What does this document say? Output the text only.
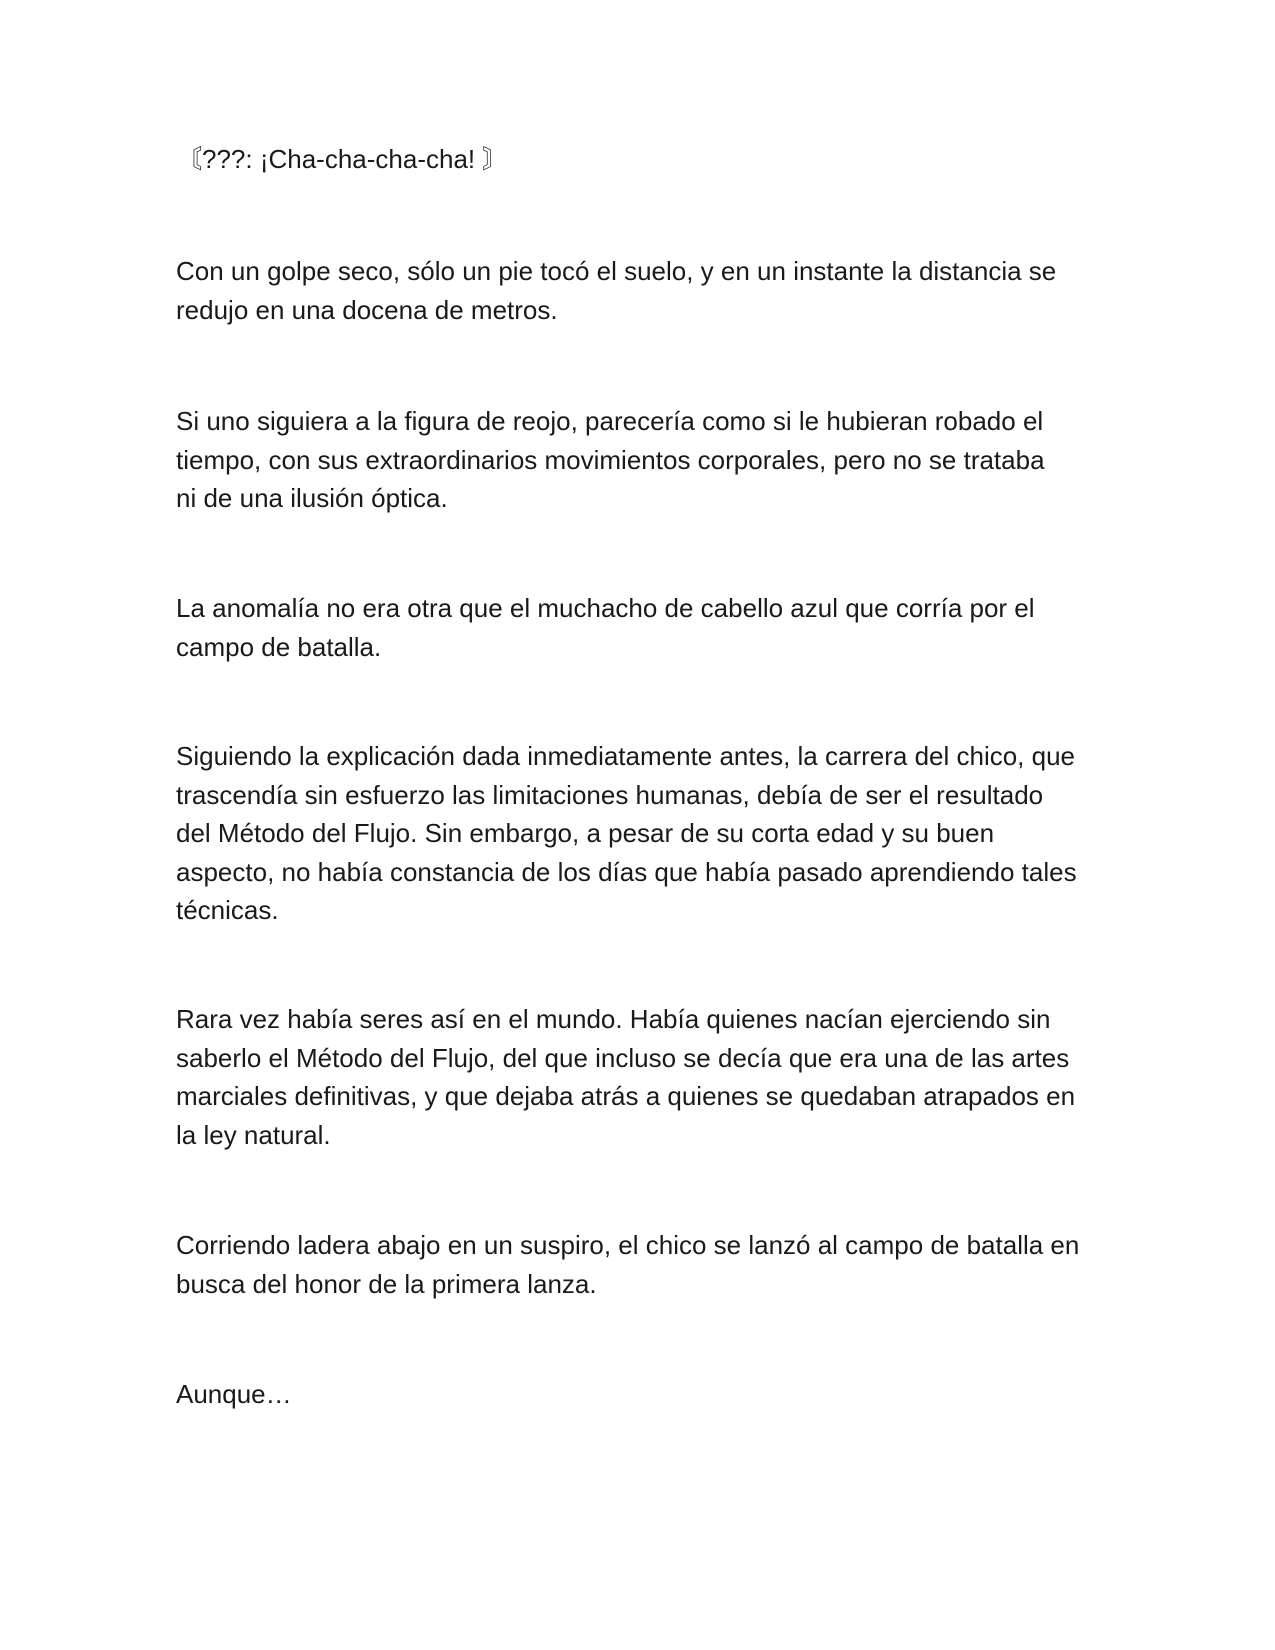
〘???: ¡Cha-cha-cha-cha! 〙

Con un golpe seco, sólo un pie tocó el suelo, y en un instante la distancia se
redujo en una docena de metros.

Si uno siguiera a la figura de reojo, parecería como si le hubieran robado el
tiempo, con sus extraordinarios movimientos corporales, pero no se trataba
ni de una ilusión óptica.

La anomalía no era otra que el muchacho de cabello azul que corría por el
campo de batalla.

Siguiendo la explicación dada inmediatamente antes, la carrera del chico, que
trascendía sin esfuerzo las limitaciones humanas, debía de ser el resultado
del Método del Flujo. Sin embargo, a pesar de su corta edad y su buen
aspecto, no había constancia de los días que había pasado aprendiendo tales
técnicas.

Rara vez había seres así en el mundo. Había quienes nacían ejerciendo sin
saberlo el Método del Flujo, del que incluso se decía que era una de las artes
marciales definitivas, y que dejaba atrás a quienes se quedaban atrapados en
la ley natural.

Corriendo ladera abajo en un suspiro, el chico se lanzó al campo de batalla en
busca del honor de la primera lanza.

Aunque…
